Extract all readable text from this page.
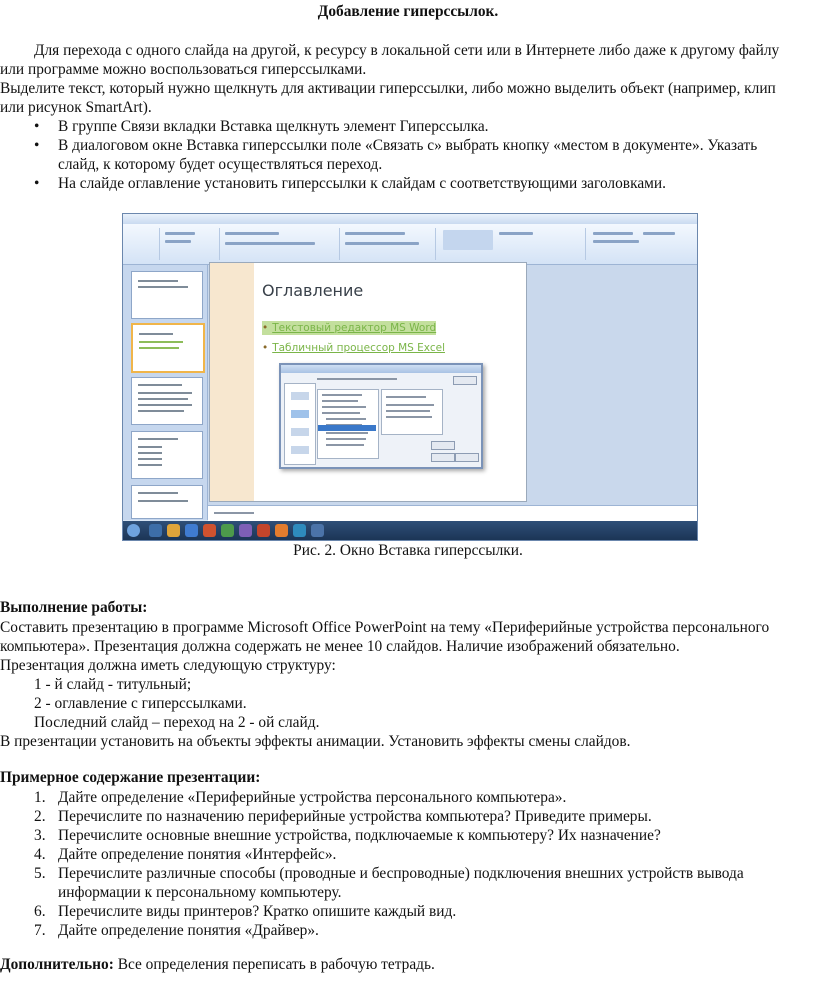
Добавление гиперссылок.
Для перехода с одного слайда на другой, к ресурсу в локальной сети или в Интернете либо даже к другому файлу
или программе можно воспользоваться гиперссылками.
Выделите текст, который нужно щелкнуть для активации гиперссылки, либо можно выделить объект (например, клип
или рисунок SmartArt).
• В группе Связи вкладки Вставка щелкнуть элемент Гиперссылка.
• В диалоговом окне Вставка гиперссылки поле «Связать с» выбрать кнопку «местом в документе». Указать
слайд, к которому будет осуществляться переход.
• На слайде оглавление установить гиперссылки к слайдам с соответствующими заголовками.
Оглавление
• Текстовый редактор MS Word
• Табличный процессор MS Excel
Рис. 2. Окно Вставка гиперссылки.
Выполнение работы:
Составить презентацию в программе Microsoft Office PowerPoint на тему «Периферийные устройства персонального
компьютера». Презентация должна содержать не менее 10 слайдов. Наличие изображений обязательно.
Презентация должна иметь следующую структуру:
1 - й слайд - титульный;
2 - оглавление с гиперссылками.
Последний слайд – переход на 2 - ой слайд.
В презентации установить на объекты эффекты анимации. Установить эффекты смены слайдов.
Примерное содержание презентации:
1. Дайте определение «Периферийные устройства персонального компьютера».
2. Перечислите по назначению периферийные устройства компьютера? Приведите примеры.
3. Перечислите основные внешние устройства, подключаемые к компьютеру? Их назначение?
4. Дайте определение понятия «Интерфейс».
5. Перечислите различные способы (проводные и беспроводные) подключения внешних устройств вывода
информации к персональному компьютеру.
6. Перечислите виды принтеров? Кратко опишите каждый вид.
7. Дайте определение понятия «Драйвер».
Дополнительно: Все определения переписать в рабочую тетрадь.
